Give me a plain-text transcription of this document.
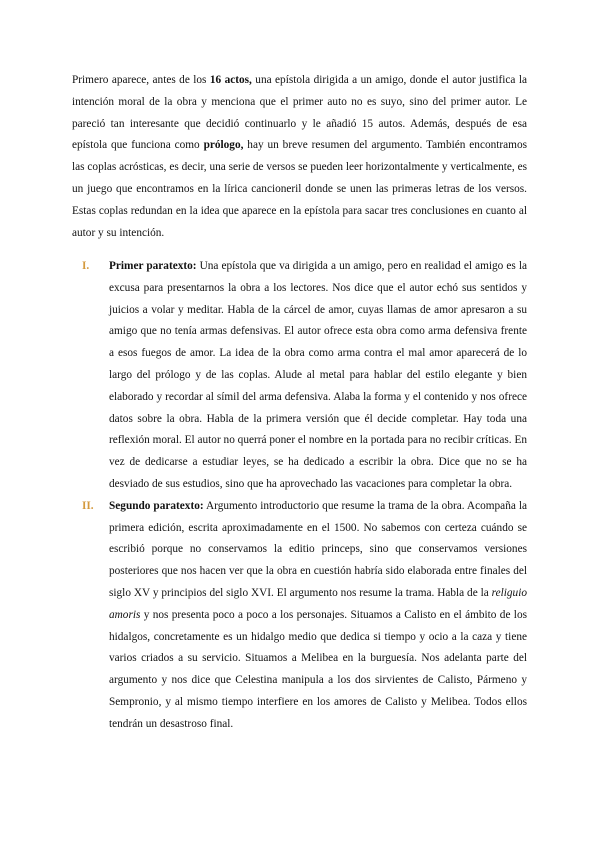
Primero aparece, antes de los 16 actos, una epístola dirigida a un amigo, donde el autor justifica la intención moral de la obra y menciona que el primer auto no es suyo, sino del primer autor. Le pareció tan interesante que decidió continuarlo y le añadió 15 autos. Además, después de esa epístola que funciona como prólogo, hay un breve resumen del argumento. También encontramos las coplas acrósticas, es decir, una serie de versos se pueden leer horizontalmente y verticalmente, es un juego que encontramos en la lírica cancioneril donde se unen las primeras letras de los versos. Estas coplas redundan en la idea que aparece en la epístola para sacar tres conclusiones en cuanto al autor y su intención.

I. Primer paratexto: Una epístola que va dirigida a un amigo, pero en realidad el amigo es la excusa para presentarnos la obra a los lectores. Nos dice que el autor echó sus sentidos y juicios a volar y meditar. Habla de la cárcel de amor, cuyas llamas de amor apresaron a su amigo que no tenía armas defensivas. El autor ofrece esta obra como arma defensiva frente a esos fuegos de amor. La idea de la obra como arma contra el mal amor aparecerá de lo largo del prólogo y de las coplas. Alude al metal para hablar del estilo elegante y bien elaborado y recordar al símil del arma defensiva. Alaba la forma y el contenido y nos ofrece datos sobre la obra. Habla de la primera versión que él decide completar. Hay toda una reflexión moral. El autor no querrá poner el nombre en la portada para no recibir críticas. En vez de dedicarse a estudiar leyes, se ha dedicado a escribir la obra. Dice que no se ha desviado de sus estudios, sino que ha aprovechado las vacaciones para completar la obra.

II. Segundo paratexto: Argumento introductorio que resume la trama de la obra. Acompaña la primera edición, escrita aproximadamente en el 1500. No sabemos con certeza cuándo se escribió porque no conservamos la editio princeps, sino que conservamos versiones posteriores que nos hacen ver que la obra en cuestión habría sido elaborada entre finales del siglo XV y principios del siglo XVI. El argumento nos resume la trama. Habla de la religuio amoris y nos presenta poco a poco a los personajes. Situamos a Calisto en el ámbito de los hidalgos, concretamente es un hidalgo medio que dedica si tiempo y ocio a la caza y tiene varios criados a su servicio. Situamos a Melibea en la burguesía. Nos adelanta parte del argumento y nos dice que Celestina manipula a los dos sirvientes de Calisto, Pármeno y Sempronio, y al mismo tiempo interfiere en los amores de Calisto y Melibea. Todos ellos tendrán un desastroso final.
